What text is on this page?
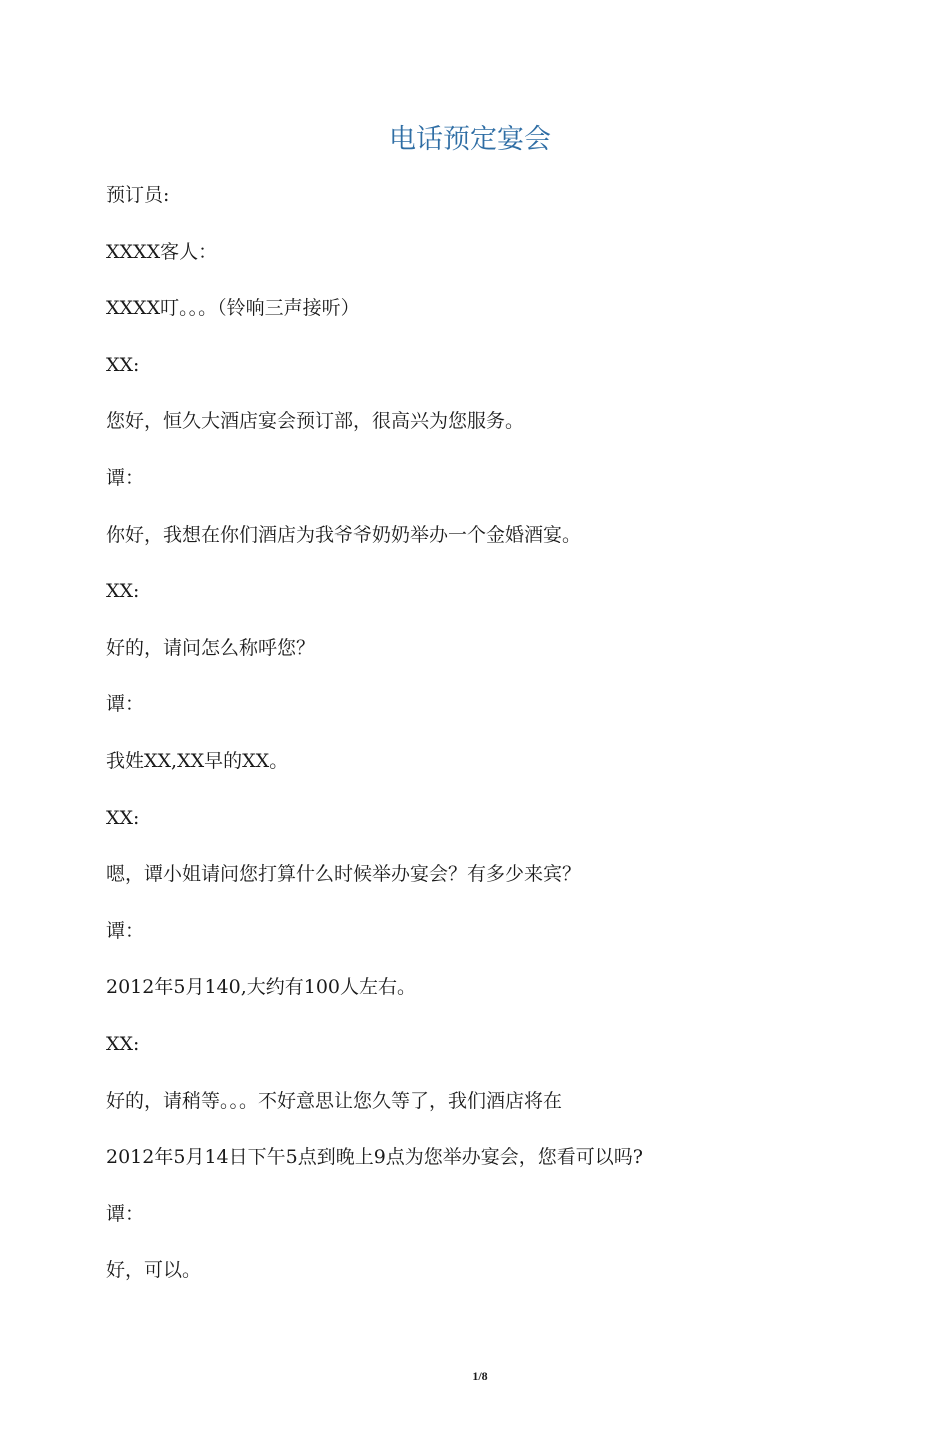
电话预定宴会
预订员:
XXXX客人：
XXXX叮。。。（铃响三声接听）
XX:
您好，恒久大酒店宴会预订部，很高兴为您服务。
谭：
你好，我想在你们酒店为我爷爷奶奶举办一个金婚酒宴。
XX:
好的，请问怎么称呼您？
谭：
我姓XX,XX早的XX。
XX:
嗯，谭小姐请问您打算什么时候举办宴会？有多少来宾？
谭：
2012年5月140,大约有100人左右。
XX:
好的，请稍等。。。不好意思让您久等了，我们酒店将在
2012年5月14日下午5点到晚上9点为您举办宴会，您看可以吗?
谭：
好，可以。
1/8
